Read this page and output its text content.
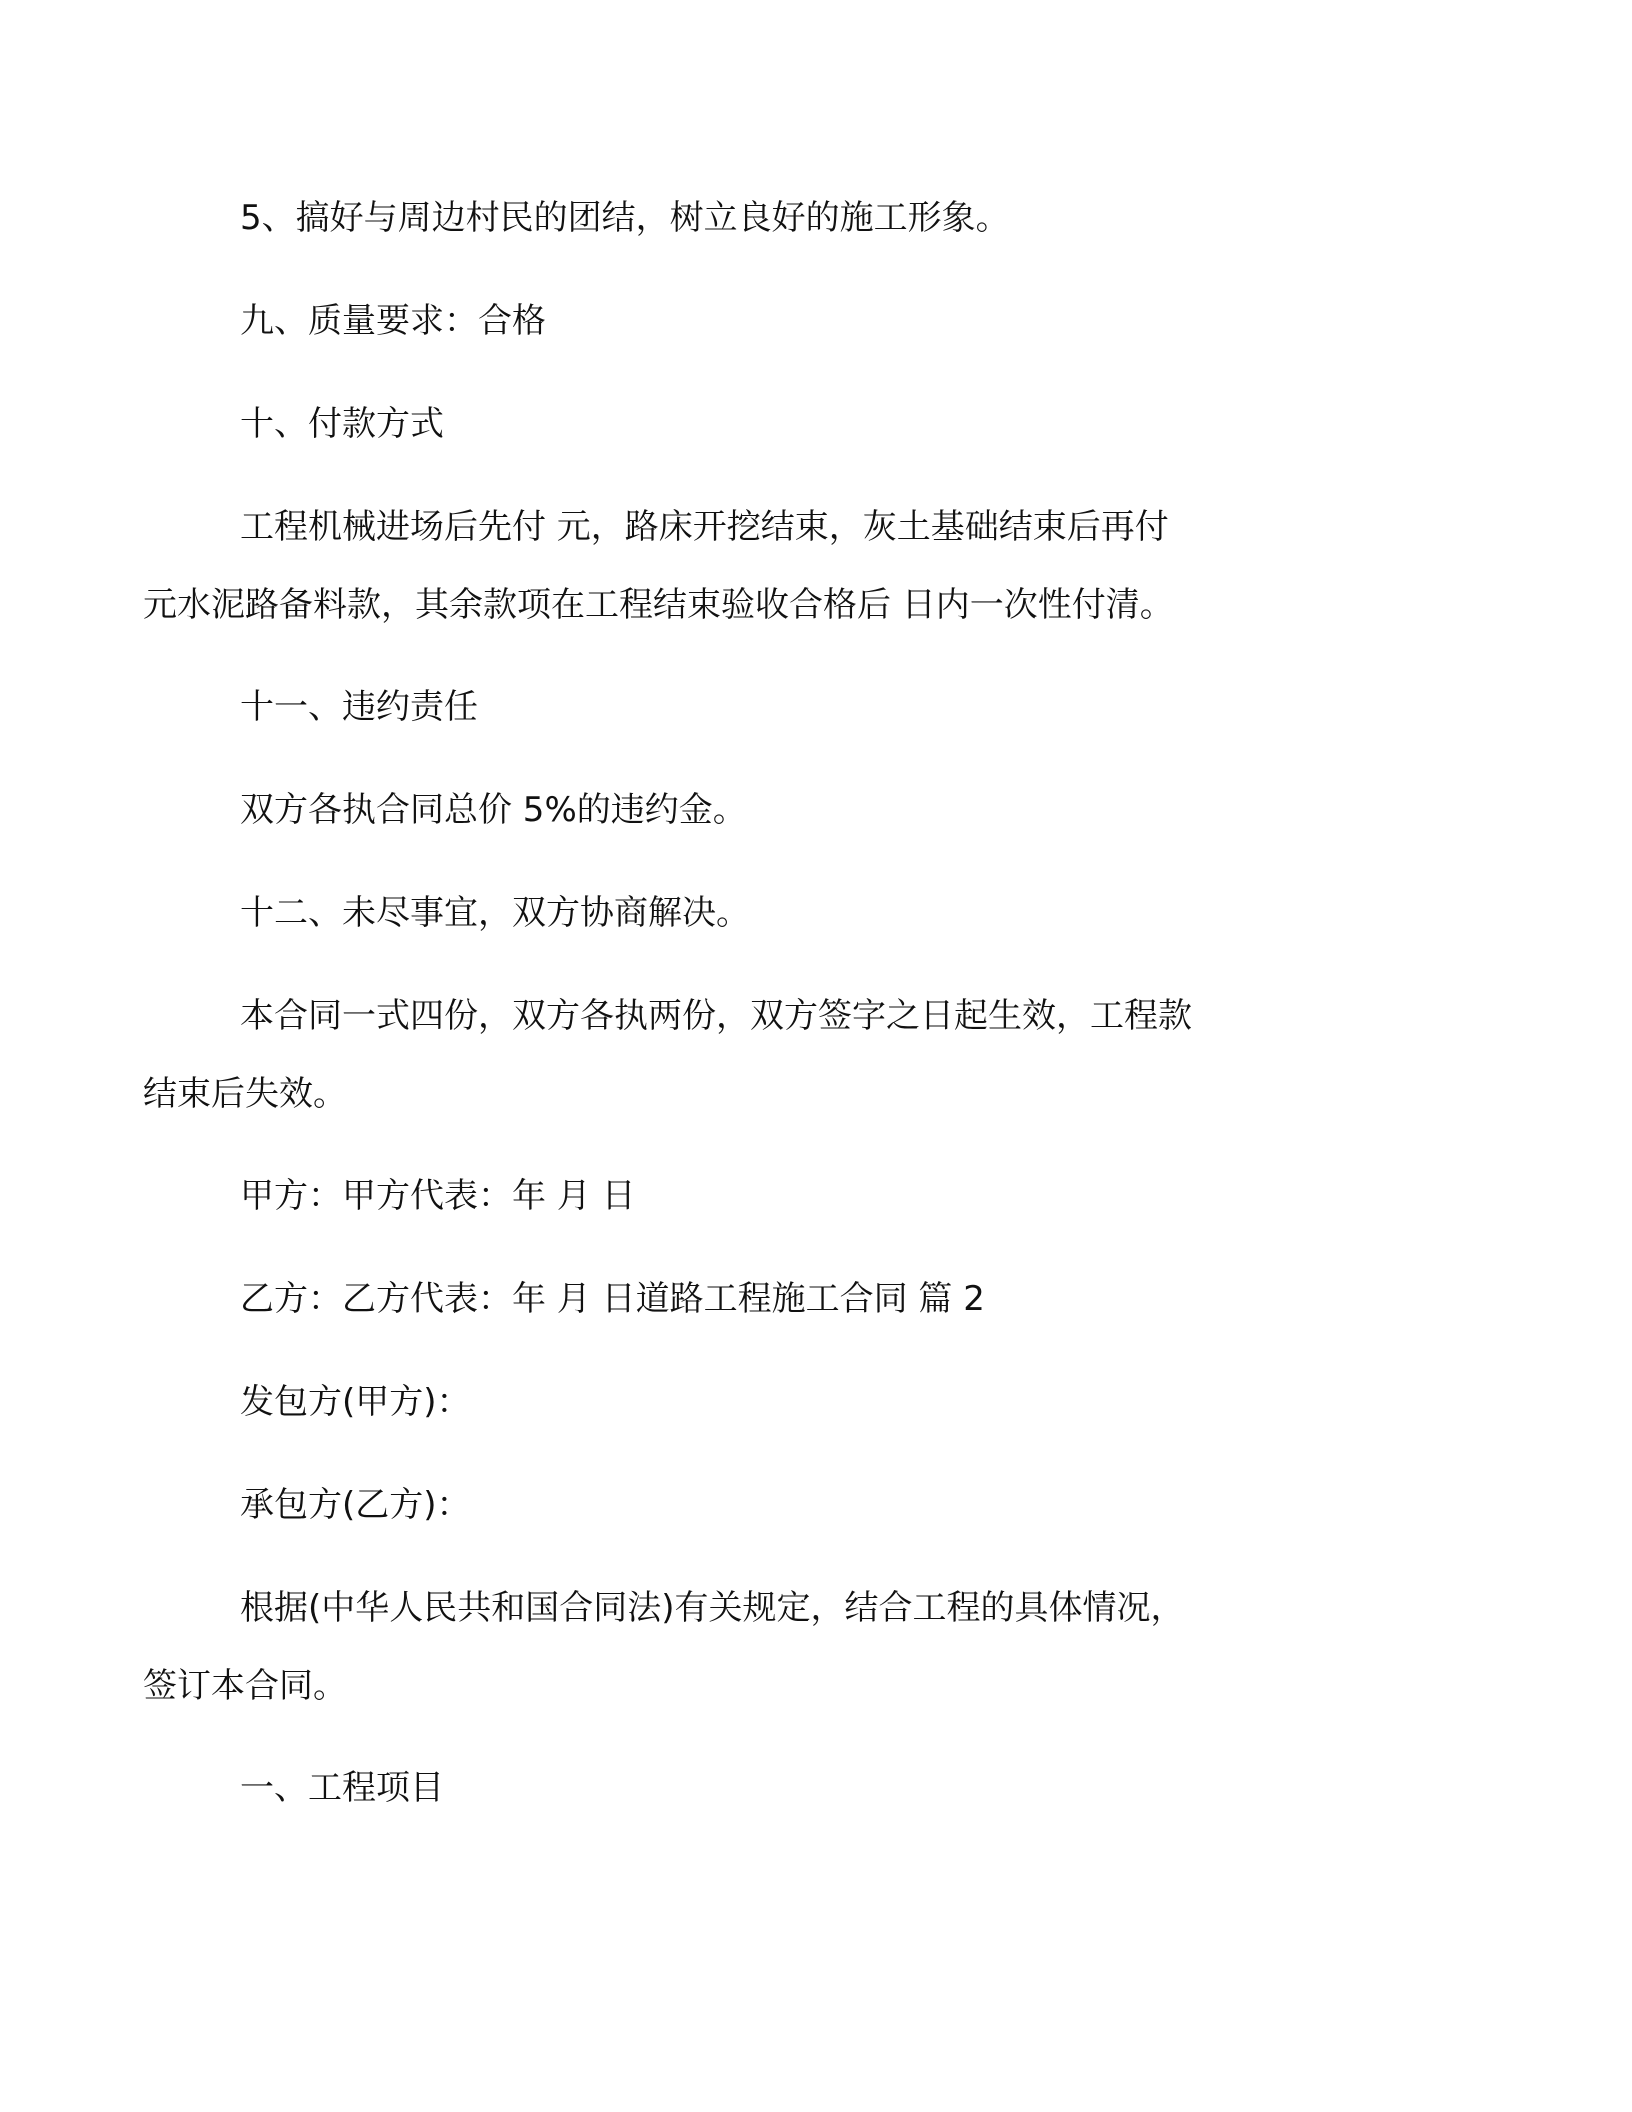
5、搞好与周边村民的团结，树立良好的施工形象。

九、质量要求：合格

十、付款方式

工程机械进场后先付 元，路床开挖结束，灰土基础结束后再付
元水泥路备料款，其余款项在工程结束验收合格后 日内一次性付清。

十一、违约责任

双方各执合同总价 5%的违约金。

十二、未尽事宜，双方协商解决。

本合同一式四份，双方各执两份，双方签字之日起生效，工程款
结束后失效。

甲方：甲方代表：年 月 日

乙方：乙方代表：年 月 日道路工程施工合同 篇 2

发包方(甲方)：

承包方(乙方)：

根据(中华人民共和国合同法)有关规定，结合工程的具体情况，
签订本合同。

一、工程项目
